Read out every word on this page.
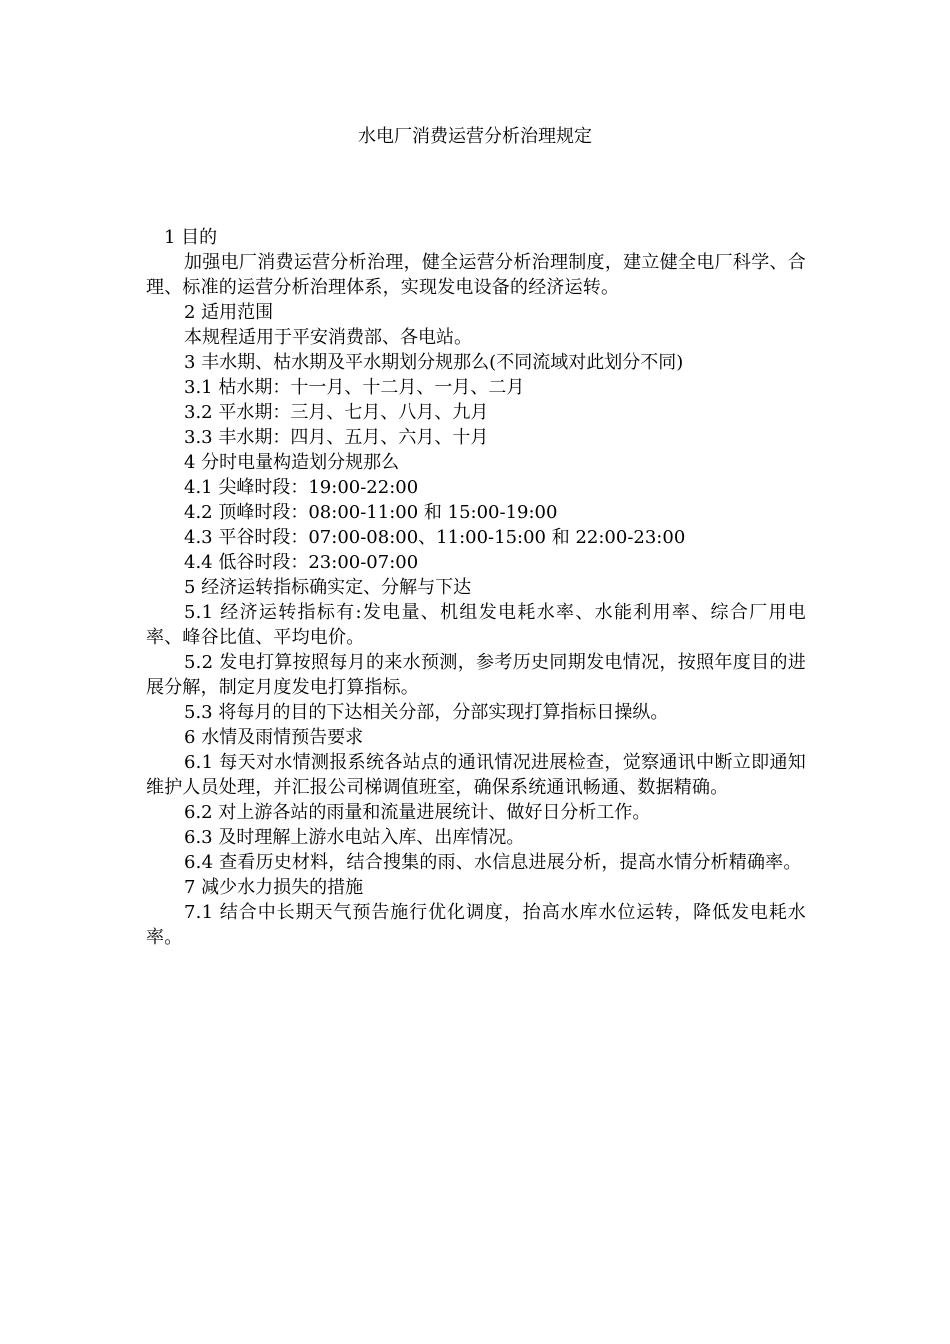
水电厂消费运营分析治理规定

1 目的

加强电厂消费运营分析治理，健全运营分析治理制度，建立健全电厂科学、合理、标准的运营分析治理体系，实现发电设备的经济运转。

2 适用范围

本规程适用于平安消费部、各电站。

3 丰水期、枯水期及平水期划分规那么(不同流域对此划分不同)

3.1 枯水期：十一月、十二月、一月、二月

3.2 平水期：三月、七月、八月、九月

3.3 丰水期：四月、五月、六月、十月

4 分时电量构造划分规那么

4.1 尖峰时段：19:00-22:00

4.2 顶峰时段：08:00-11:00 和 15:00-19:00

4.3 平谷时段：07:00-08:00、11:00-15:00 和 22:00-23:00

4.4 低谷时段：23:00-07:00

5 经济运转指标确实定、分解与下达

5.1 经济运转指标有:发电量、机组发电耗水率、水能利用率、综合厂用电率、峰谷比值、平均电价。

5.2 发电打算按照每月的来水预测，参考历史同期发电情况，按照年度目的进展分解，制定月度发电打算指标。

5.3 将每月的目的下达相关分部，分部实现打算指标日操纵。

6 水情及雨情预告要求

6.1 每天对水情测报系统各站点的通讯情况进展检查，觉察通讯中断立即通知维护人员处理，并汇报公司梯调值班室，确保系统通讯畅通、数据精确。

6.2 对上游各站的雨量和流量进展统计、做好日分析工作。

6.3 及时理解上游水电站入库、出库情况。

6.4 查看历史材料，结合搜集的雨、水信息进展分析，提高水情分析精确率。

7 减少水力损失的措施

7.1 结合中长期天气预告施行优化调度，抬高水库水位运转，降低发电耗水率。
